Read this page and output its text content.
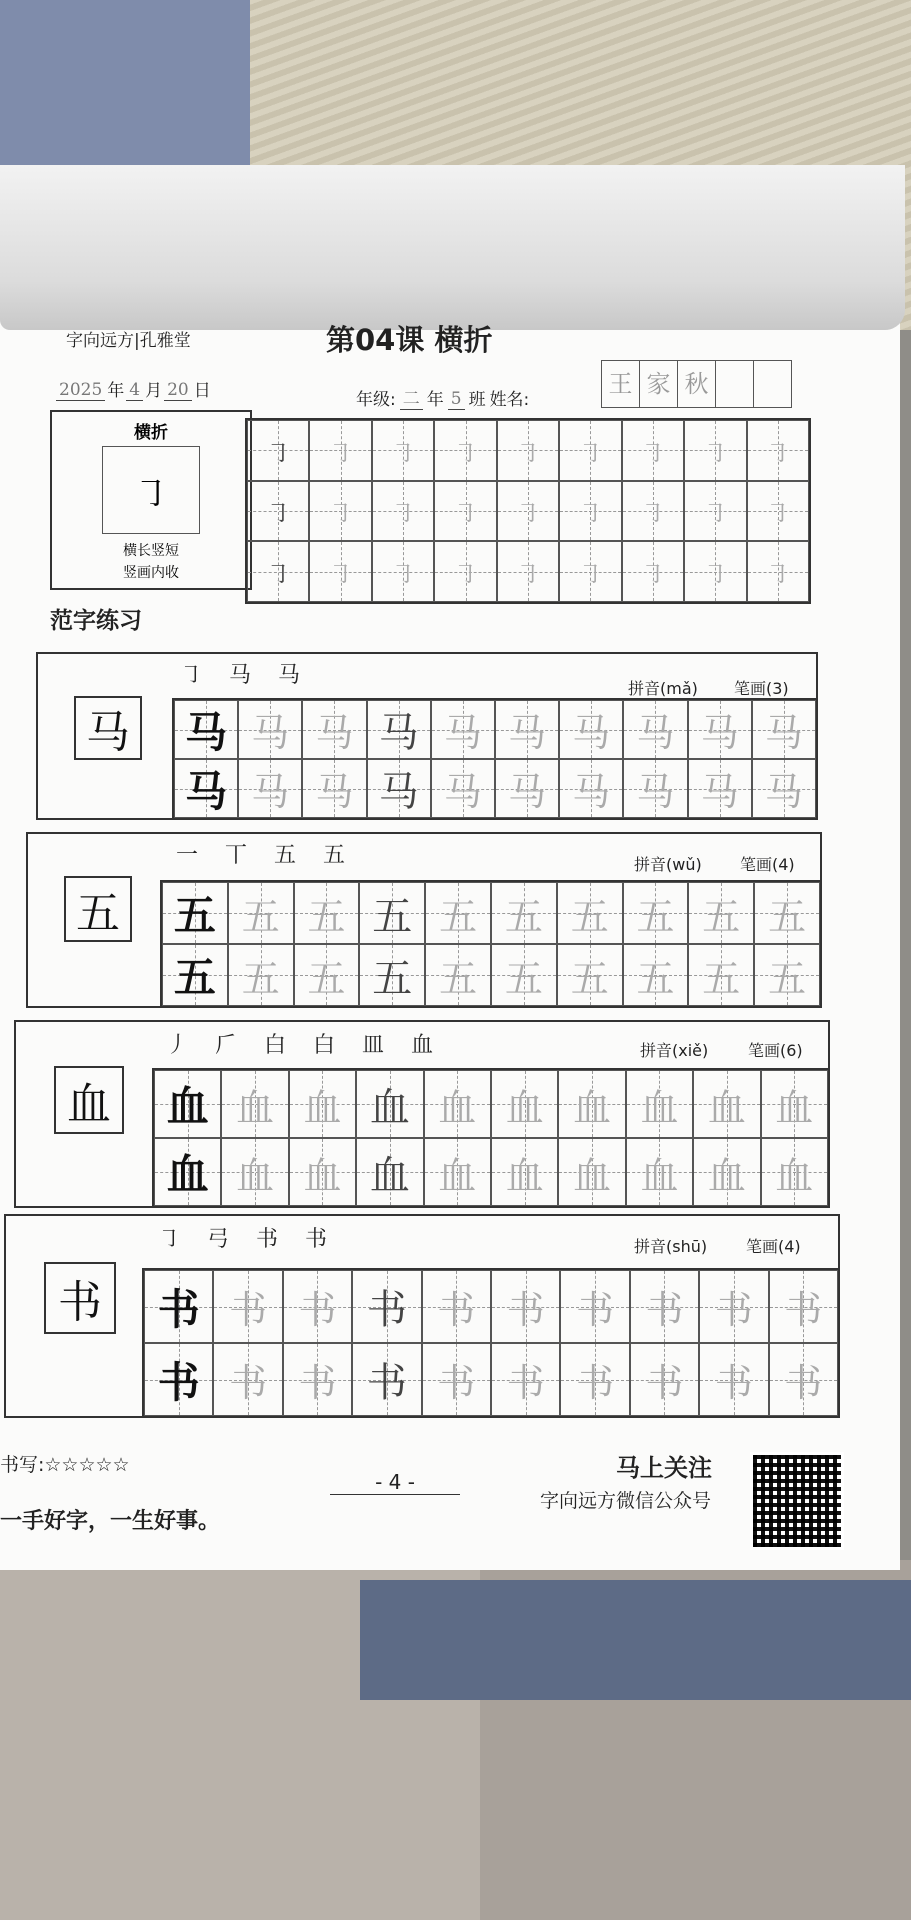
字向远方|孔雅堂	第04课 横折
2025 年 4 月 20 日	年级: 二 年 5 班 姓名:
王 家 秋
横折
㇆
横长竖短
竖画内收
㇆ ㇆ ㇆ ㇆ ㇆ ㇆ ㇆ ㇆ ㇆
㇆ ㇆ ㇆ ㇆ ㇆ ㇆ ㇆ ㇆ ㇆
㇆ ㇆ ㇆ ㇆ ㇆ ㇆ ㇆ ㇆ ㇆
范字练习
马
㇆ 马 马
拼音(mǎ) 笔画(3)
马 马 马 马 马 马 马 马 马 马
马 马 马 马 马 马 马 马 马 马
五
一 丅 五 五	拼音(wǔ) 笔画(4)
五 五 五 五 五 五 五 五 五 五
五 五 五 五 五 五 五 五 五 五
血
丿 𠂆 白 白 皿 血	拼音(xiě) 笔画(6)
血 血 血 血 血 血 血 血 血 血
血 血 血 血 血 血 血 血 血 血
书
㇆ 弓 书 书	拼音(shū) 笔画(4)
书 书 书 书 书 书 书 书 书 书
书 书 书 书 书 书 书 书 书 书
书写:☆☆☆☆☆
一手好字，一生好事。
- 4 -	马上关注
字向远方微信公众号
